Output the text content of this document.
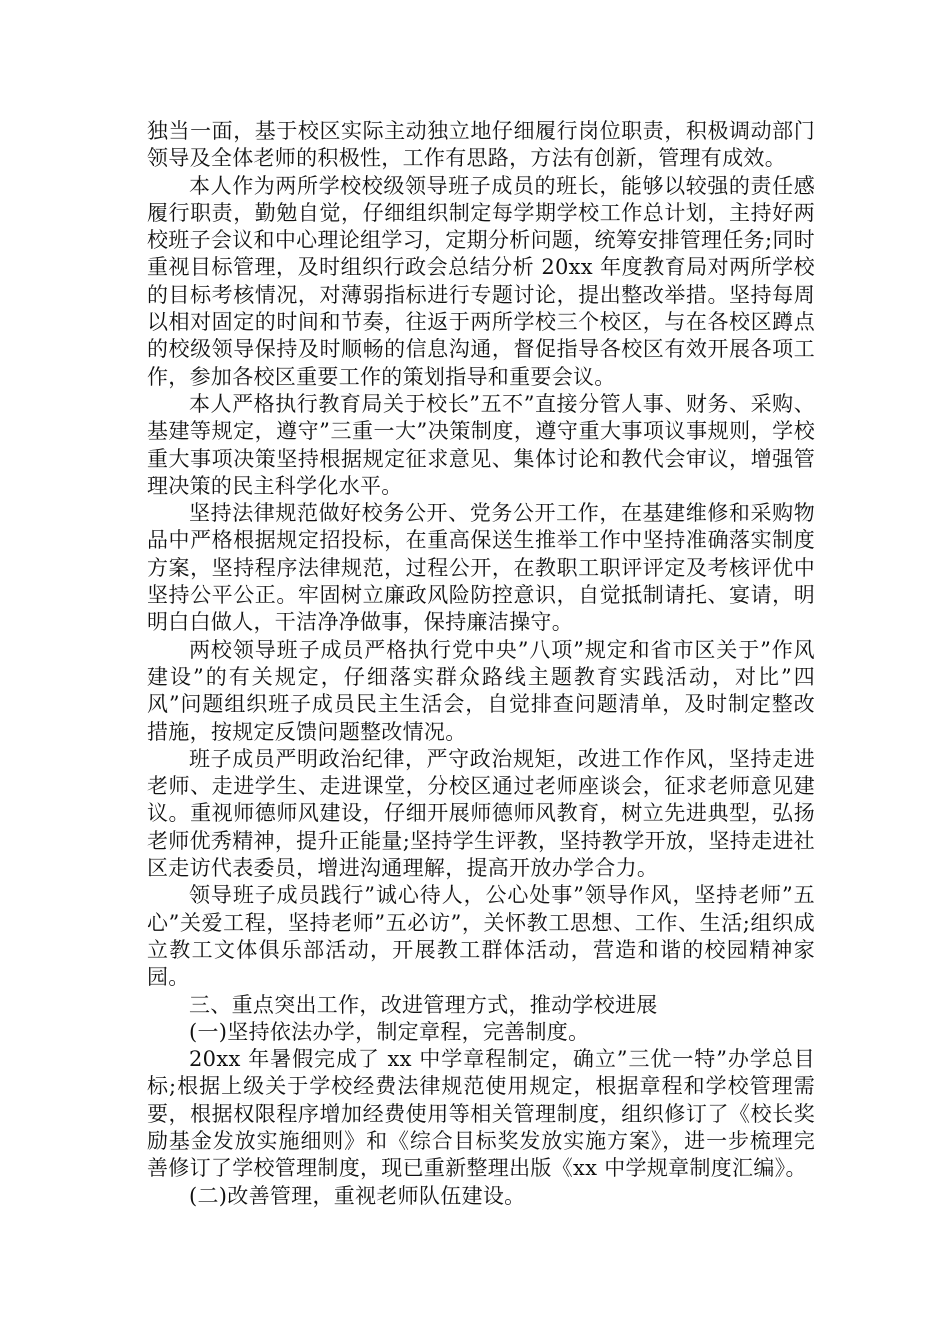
独当一面，基于校区实际主动独立地仔细履行岗位职责，积极调动部门领导及全体老师的积极性，工作有思路，方法有创新，管理有成效。

本人作为两所学校校级领导班子成员的班长，能够以较强的责任感履行职责，勤勉自觉，仔细组织制定每学期学校工作总计划，主持好两校班子会议和中心理论组学习，定期分析问题，统筹安排管理任务;同时重视目标管理，及时组织行政会总结分析 20xx 年度教育局对两所学校的目标考核情况，对薄弱指标进行专题讨论，提出整改举措。坚持每周以相对固定的时间和节奏，往返于两所学校三个校区，与在各校区蹲点的校级领导保持及时顺畅的信息沟通，督促指导各校区有效开展各项工作，参加各校区重要工作的策划指导和重要会议。

本人严格执行教育局关于校长”五不”直接分管人事、财务、采购、基建等规定，遵守”三重一大”决策制度，遵守重大事项议事规则，学校重大事项决策坚持根据规定征求意见、集体讨论和教代会审议，增强管理决策的民主科学化水平。

坚持法律规范做好校务公开、党务公开工作，在基建维修和采购物品中严格根据规定招投标，在重高保送生推举工作中坚持准确落实制度方案，坚持程序法律规范，过程公开，在教职工职评评定及考核评优中坚持公平公正。牢固树立廉政风险防控意识，自觉抵制请托、宴请，明明白白做人，干洁净净做事，保持廉洁操守。

两校领导班子成员严格执行党中央”八项”规定和省市区关于”作风建设”的有关规定，仔细落实群众路线主题教育实践活动，对比”四风”问题组织班子成员民主生活会，自觉排查问题清单，及时制定整改措施，按规定反馈问题整改情况。

班子成员严明政治纪律，严守政治规矩，改进工作作风，坚持走进老师、走进学生、走进课堂，分校区通过老师座谈会，征求老师意见建议。重视师德师风建设，仔细开展师德师风教育，树立先进典型，弘扬老师优秀精神，提升正能量;坚持学生评教，坚持教学开放，坚持走进社区走访代表委员，增进沟通理解，提高开放办学合力。

领导班子成员践行”诚心待人，公心处事”领导作风，坚持老师”五心”关爱工程，坚持老师”五必访”，关怀教工思想、工作、生活;组织成立教工文体俱乐部活动，开展教工群体活动，营造和谐的校园精神家园。

三、重点突出工作，改进管理方式，推动学校进展

(一)坚持依法办学，制定章程，完善制度。

20xx 年暑假完成了 xx 中学章程制定，确立”三优一特”办学总目标;根据上级关于学校经费法律规范使用规定，根据章程和学校管理需要，根据权限程序增加经费使用等相关管理制度，组织修订了《校长奖励基金发放实施细则》和《综合目标奖发放实施方案》，进一步梳理完善修订了学校管理制度，现已重新整理出版《xx 中学规章制度汇编》。

(二)改善管理，重视老师队伍建设。
